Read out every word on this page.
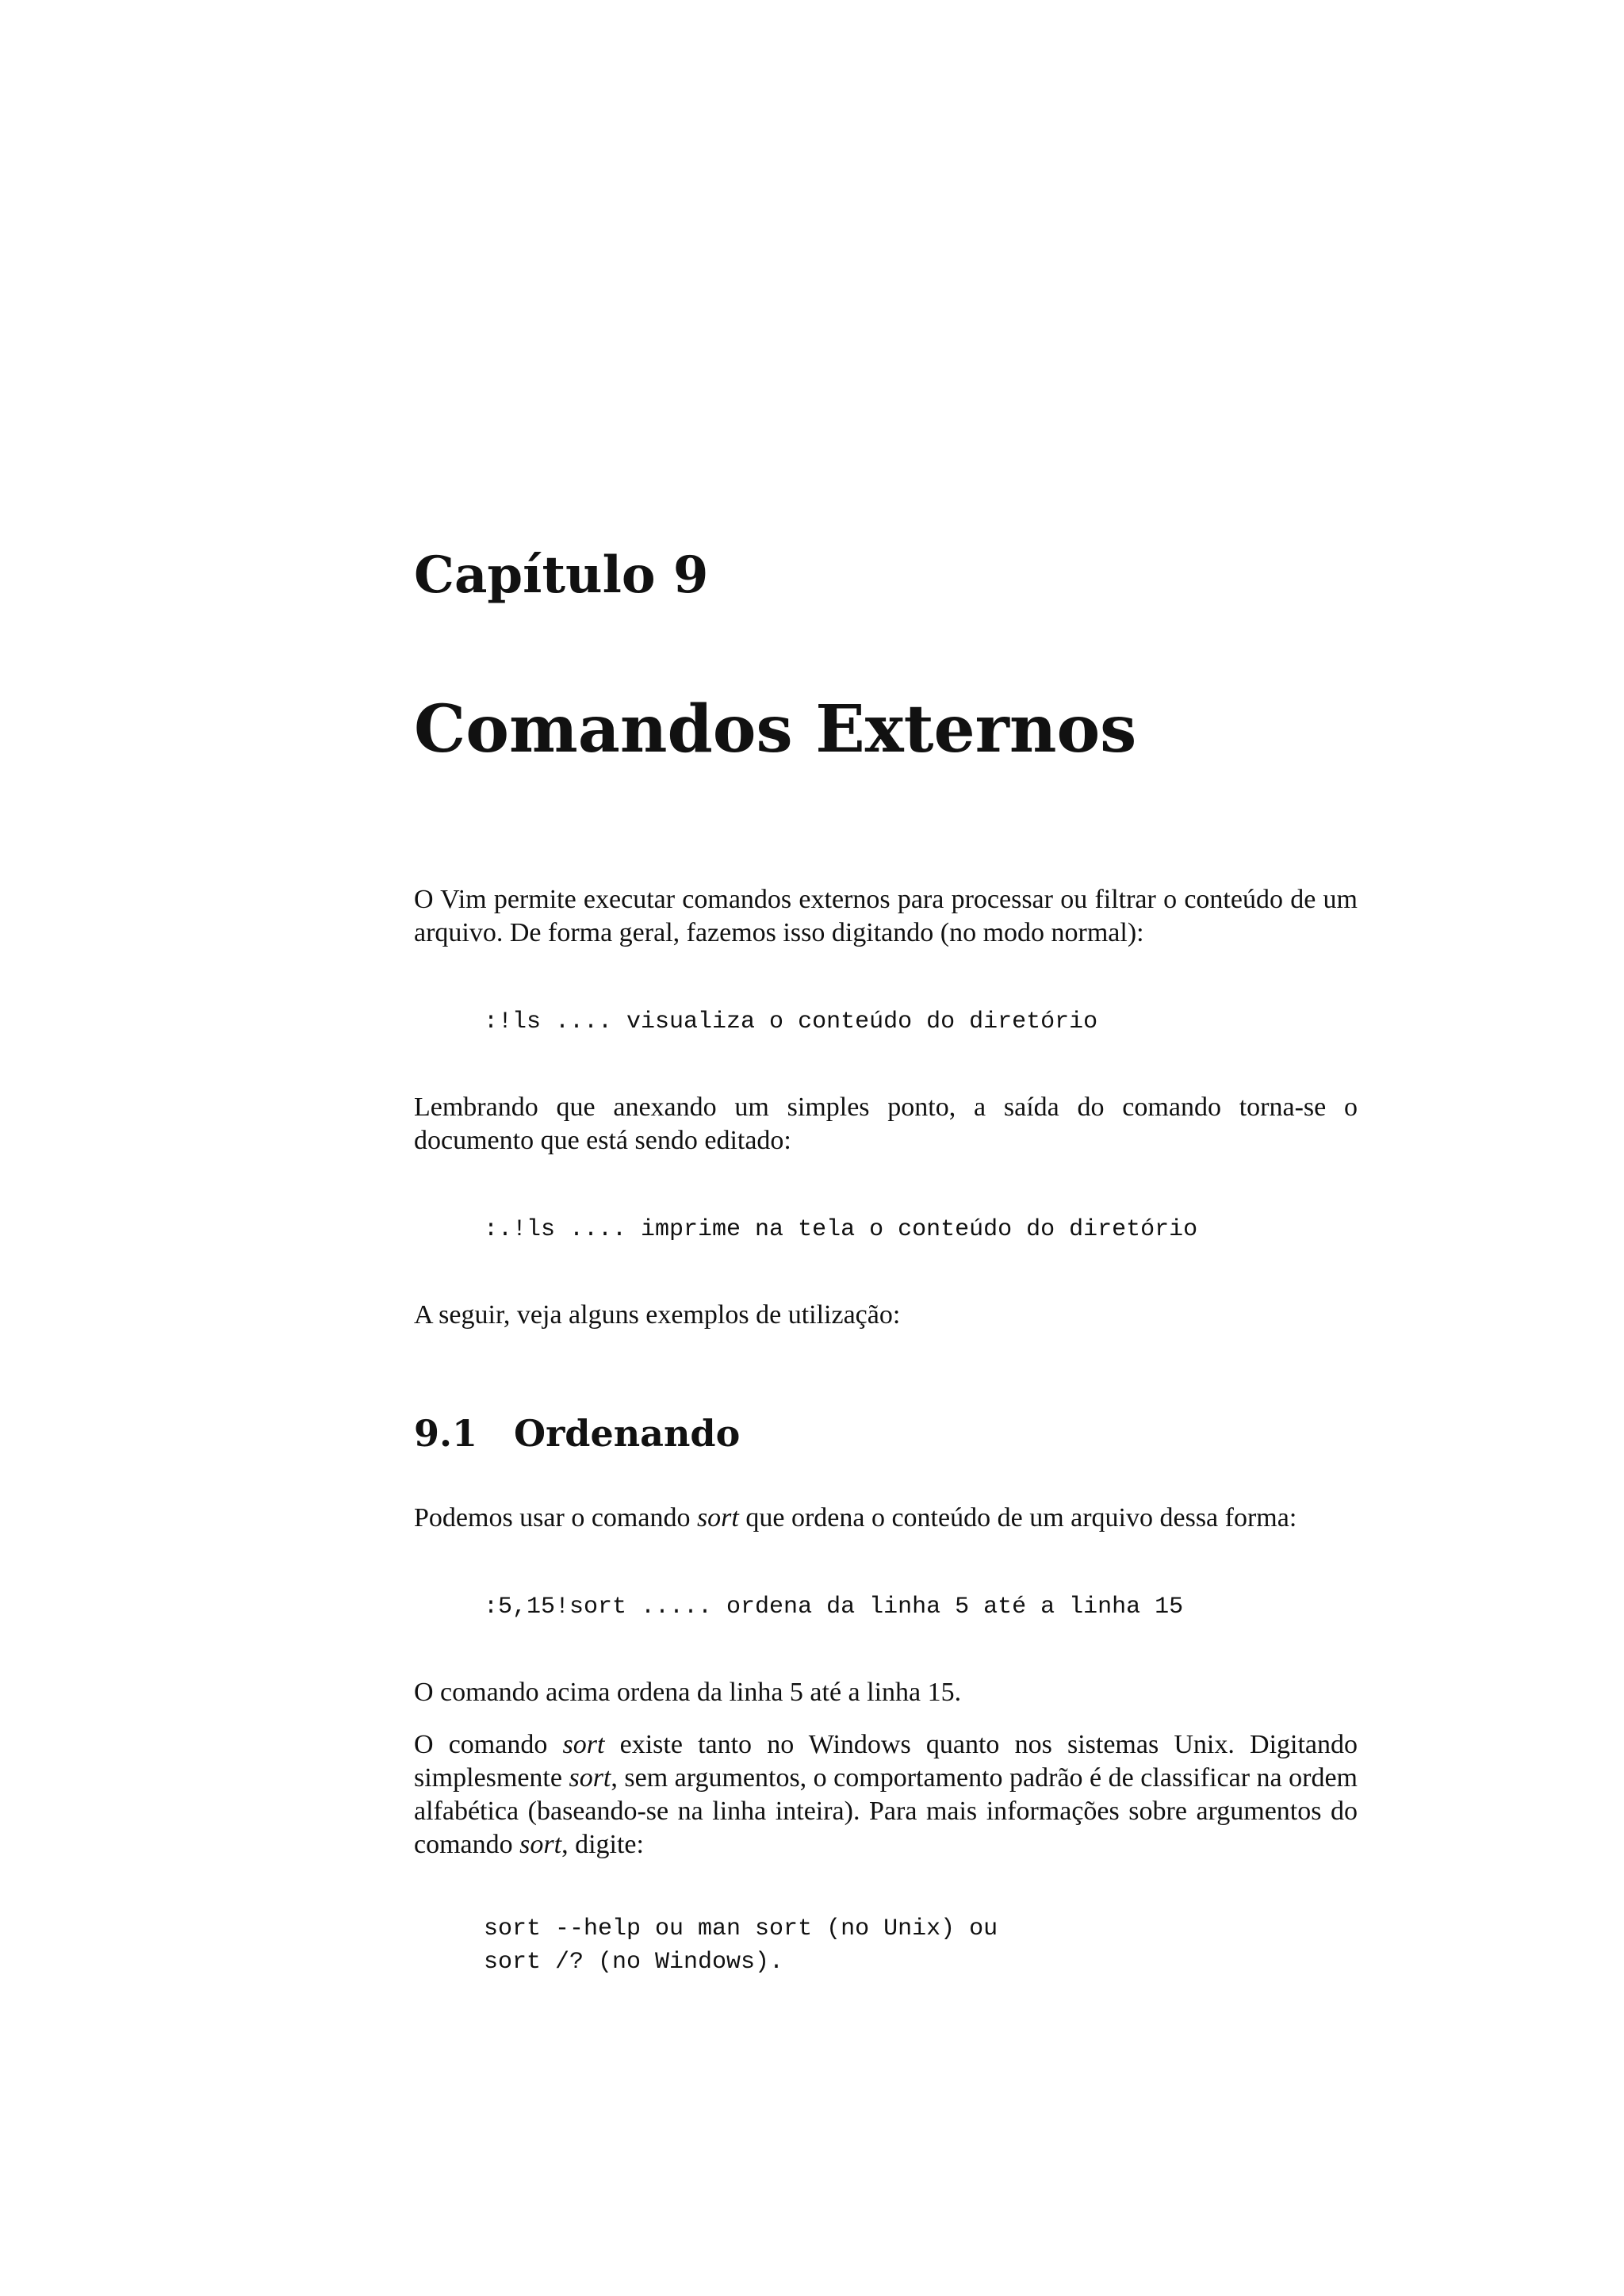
Capítulo 9
Comandos Externos

O Vim permite executar comandos externos para processar ou filtrar o conteúdo de um arquivo. De forma geral, fazemos isso digitando (no modo normal):

:!ls .... visualiza o conteúdo do diretório

Lembrando que anexando um simples ponto, a saída do comando torna-se o documento que está sendo editado:

:.!ls .... imprime na tela o conteúdo do diretório

A seguir, veja alguns exemplos de utilização:

9.1 Ordenando

Podemos usar o comando sort que ordena o conteúdo de um arquivo dessa forma:

:5,15!sort ..... ordena da linha 5 até a linha 15

O comando acima ordena da linha 5 até a linha 15.

O comando sort existe tanto no Windows quanto nos sistemas Unix. Digitando simplesmente sort, sem argumentos, o comportamento padrão é de classificar na ordem alfabética (baseando-se na linha inteira). Para mais informações sobre argumentos do comando sort, digite:

sort --help ou man sort (no Unix) ou
sort /? (no Windows).
